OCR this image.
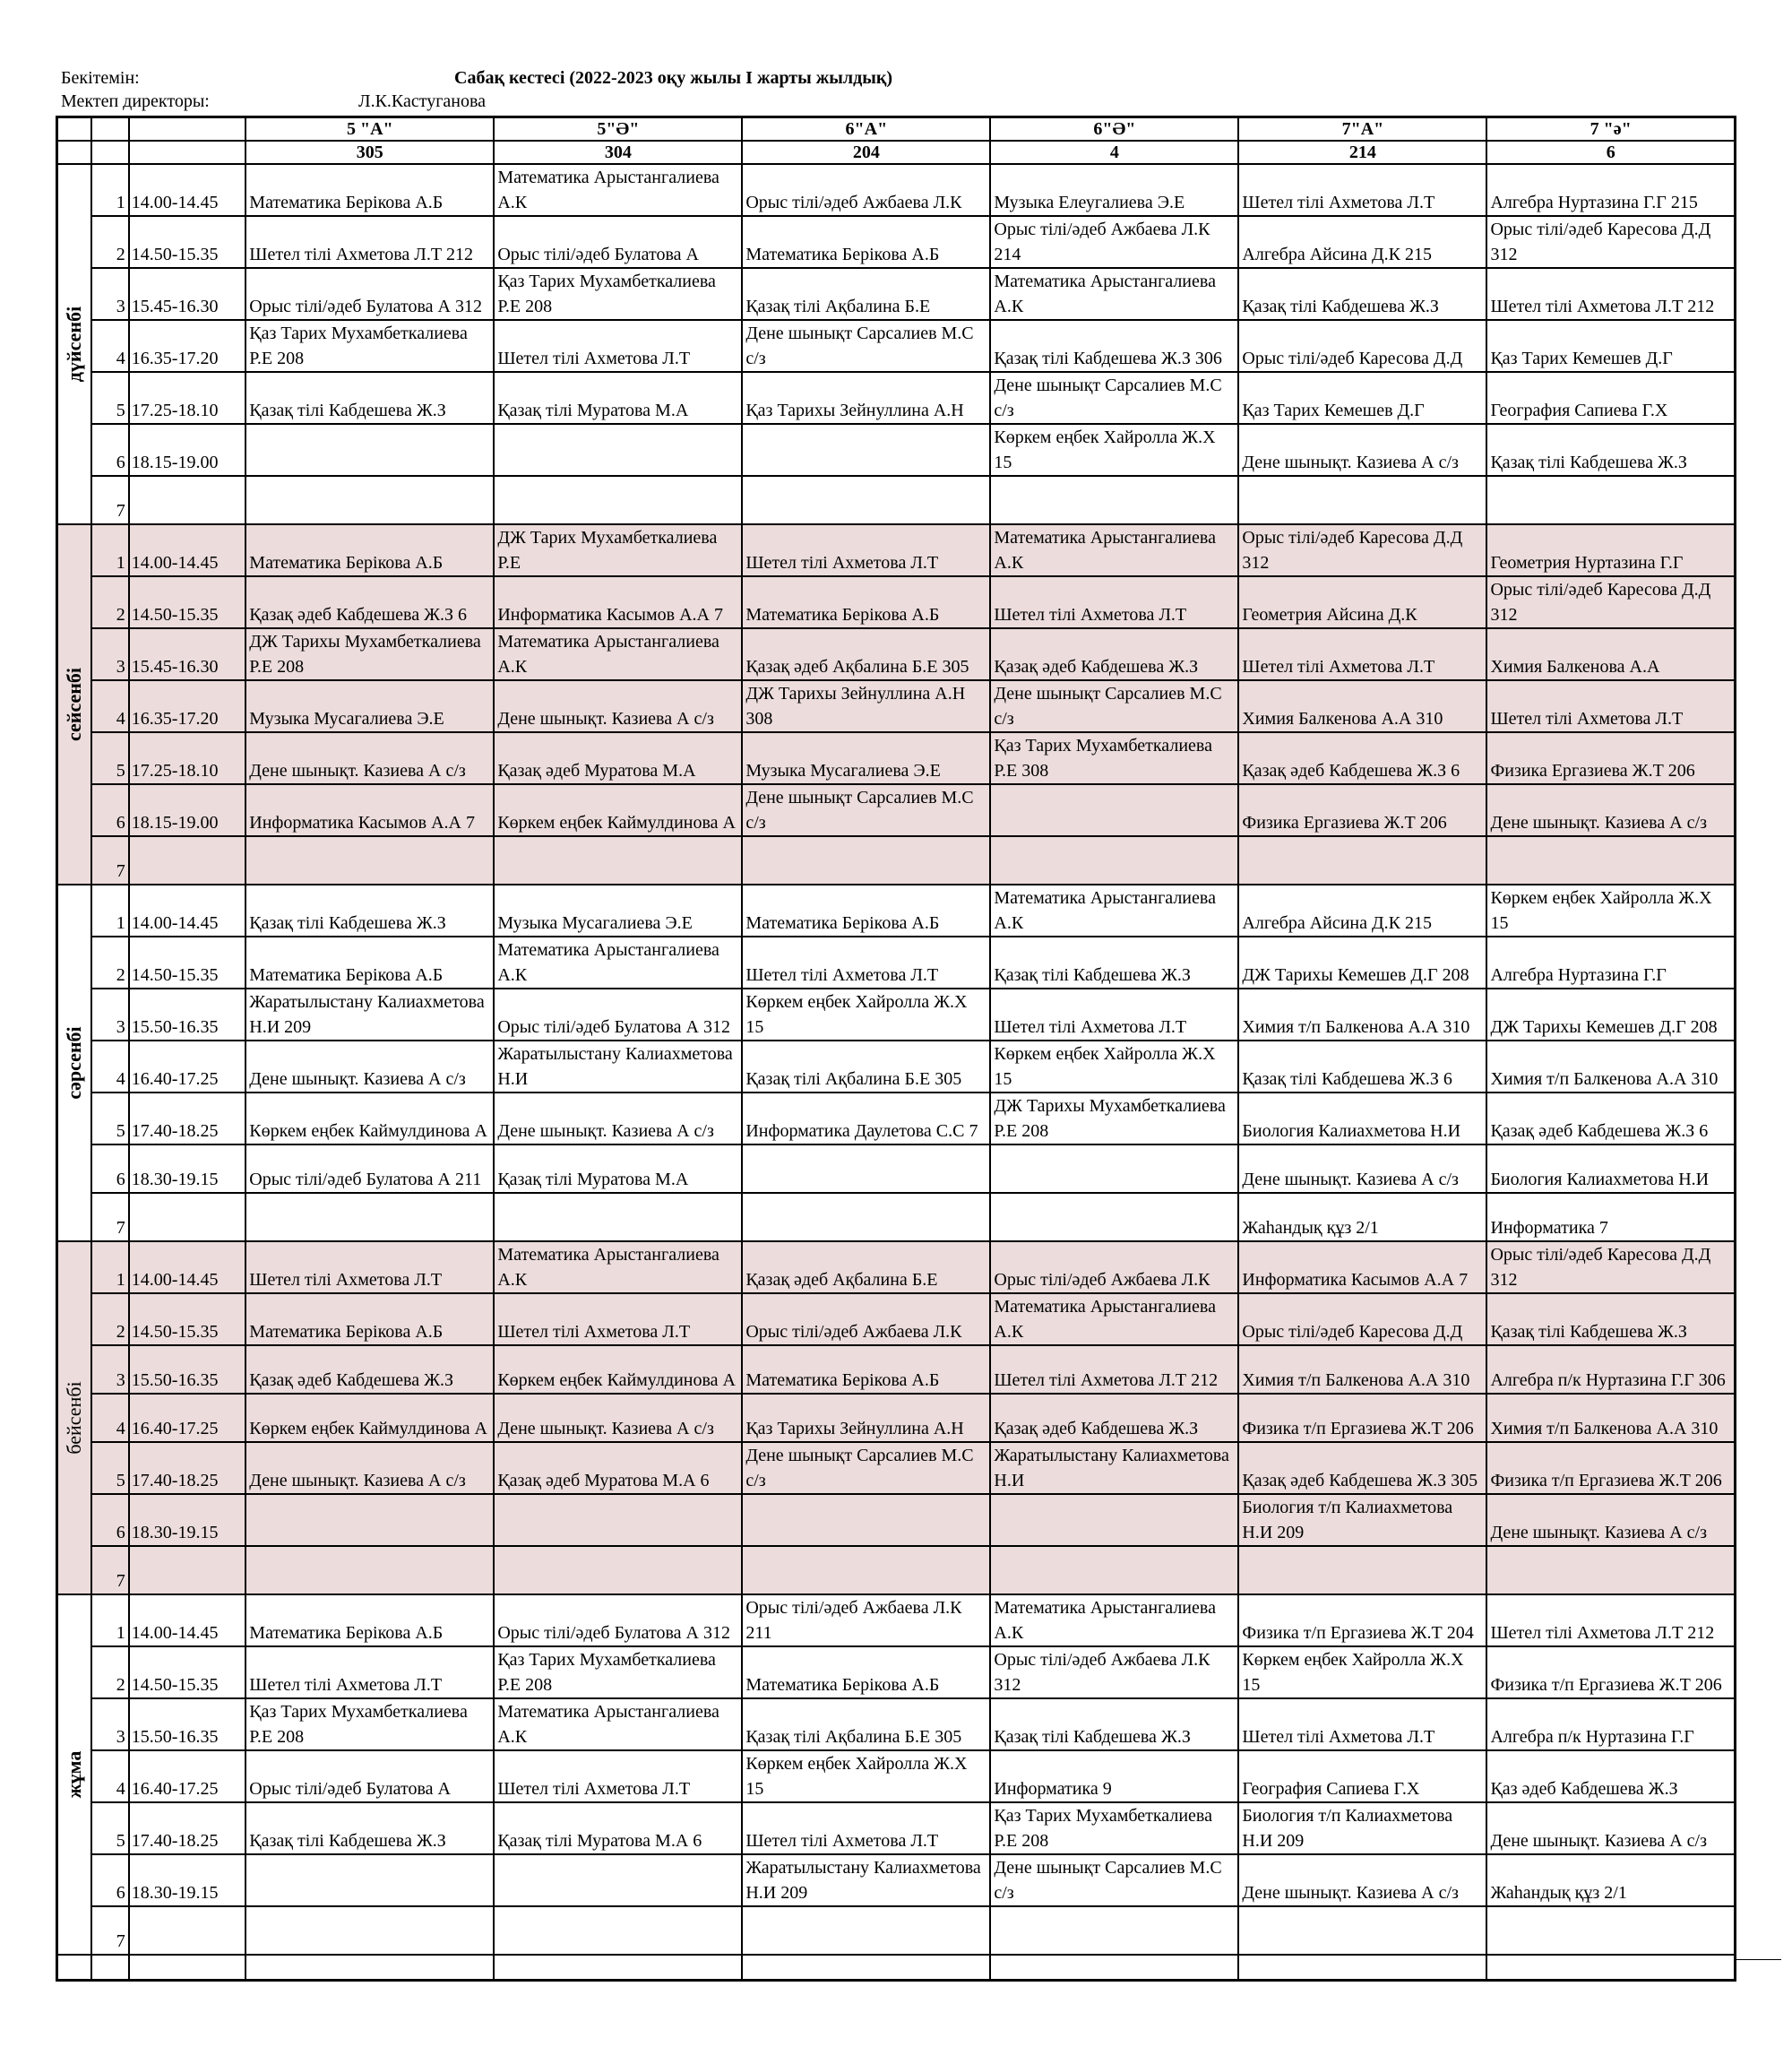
Бекітемін:
Мектеп директоры:	Л.К.Кастуганова
Сабақ кестесі (2022-2023 оқу жылы І жарты жылдық)
			5 "А"	5"Ә"	6"А"	6"Ә"	7"А"	7 "ә"
			305	304	204	4	214	6

дүйсенбі	1	14.00-14.45	Математика Берікова А.Б	Математика Арыстангалиева А.К	Орыс тілі/әдеб Ажбаева Л.К	Музыка Елеугалиева Э.Е	Шетел тілі Ахметова Л.Т	Алгебра Нуртазина Г.Г 215
	2	14.50-15.35	Шетел тілі Ахметова Л.Т 212	Орыс тілі/әдеб Булатова А	Математика Берікова А.Б	Орыс тілі/әдеб Ажбаева Л.К 214	Алгебра Айсина Д.К 215	Орыс тілі/әдеб Каресова Д.Д 312
	3	15.45-16.30	Орыс тілі/әдеб Булатова А 312	Қаз Тарих Мухамбеткалиева Р.Е 208	Қазақ тілі Ақбалина Б.Е	Математика Арыстангалиева А.К	Қазақ тілі Кабдешева Ж.З	Шетел тілі Ахметова Л.Т 212
	4	16.35-17.20	Қаз Тарих Мухамбеткалиева Р.Е 208	Шетел тілі Ахметова Л.Т	Дене шынықт Сарсалиев М.С с/з	Қазақ тілі Кабдешева Ж.З 306	Орыс тілі/әдеб Каресова Д.Д	Қаз Тарих Кемешев Д.Г
	5	17.25-18.10	Қазақ тілі Кабдешева Ж.З	Қазақ тілі Муратова М.А	Қаз Тарихы Зейнуллина А.Н	Дене шынықт Сарсалиев М.С с/з	Қаз Тарих Кемешев Д.Г	География Сапиева Г.Х
	6	18.15-19.00				Көркем еңбек Хайролла Ж.Х 15	Дене шынықт. Казиева А с/з	Қазақ тілі Кабдешева Ж.З
	7							

сейсенбі	1	14.00-14.45	Математика Берікова А.Б	ДЖ Тарих Мухамбеткалиева Р.Е	Шетел тілі Ахметова Л.Т	Математика Арыстангалиева А.К	Орыс тілі/әдеб Каресова Д.Д 312	Геометрия Нуртазина Г.Г
	2	14.50-15.35	Қазақ әдеб Кабдешева Ж.З 6	Информатика Касымов А.А 7	Математика Берікова А.Б	Шетел тілі Ахметова Л.Т	Геометрия Айсина Д.К	Орыс тілі/әдеб Каресова Д.Д 312
	3	15.45-16.30	ДЖ Тарихы Мухамбеткалиева Р.Е 208	Математика Арыстангалиева А.К	Қазақ әдеб Ақбалина Б.Е 305	Қазақ әдеб Кабдешева Ж.З	Шетел тілі Ахметова Л.Т	Химия Балкенова А.А
	4	16.35-17.20	Музыка Мусагалиева Э.Е	Дене шынықт. Казиева А с/з	ДЖ Тарихы Зейнуллина А.Н 308	Дене шынықт Сарсалиев М.С с/з	Химия Балкенова А.А 310	Шетел тілі Ахметова Л.Т
	5	17.25-18.10	Дене шынықт. Казиева А с/з	Қазақ әдеб Муратова М.А	Музыка Мусагалиева Э.Е	Қаз Тарих Мухамбеткалиева Р.Е 308	Қазақ әдеб Кабдешева Ж.З 6	Физика Ергазиева Ж.Т 206
	6	18.15-19.00	Информатика Касымов А.А 7	Көркем еңбек Каймулдинова А	Дене шынықт Сарсалиев М.С с/з		Физика Ергазиева Ж.Т 206	Дене шынықт. Казиева А с/з
	7							

сәрсенбі	1	14.00-14.45	Қазақ тілі Кабдешева Ж.З	Музыка Мусагалиева Э.Е	Математика Берікова А.Б	Математика Арыстангалиева А.К	Алгебра Айсина Д.К 215	Көркем еңбек Хайролла Ж.Х 15
	2	14.50-15.35	Математика Берікова А.Б	Математика Арыстангалиева А.К	Шетел тілі Ахметова Л.Т	Қазақ тілі Кабдешева Ж.З	ДЖ Тарихы Кемешев Д.Г 208	Алгебра Нуртазина Г.Г
	3	15.50-16.35	Жаратылыстану Калиахметова Н.И 209	Орыс тілі/әдеб Булатова А 312	Көркем еңбек Хайролла Ж.Х 15	Шетел тілі Ахметова Л.Т	Химия т/п Балкенова А.А 310	ДЖ Тарихы Кемешев Д.Г 208
	4	16.40-17.25	Дене шынықт. Казиева А с/з	Жаратылыстану Калиахметова Н.И	Қазақ тілі Ақбалина Б.Е 305	Көркем еңбек Хайролла Ж.Х 15	Қазақ тілі Кабдешева Ж.З 6	Химия т/п Балкенова А.А 310
	5	17.40-18.25	Көркем еңбек Каймулдинова А	Дене шынықт. Казиева А с/з	Информатика Даулетова С.С 7	ДЖ Тарихы Мухамбеткалиева Р.Е 208	Биология Калиахметова Н.И	Қазақ әдеб Кабдешева Ж.З 6
	6	18.30-19.15	Орыс тілі/әдеб Булатова А 211	Қазақ тілі Муратова М.А			Дене шынықт. Казиева А с/з	Биология Калиахметова Н.И
	7						Жаһандық құз 2/1	Информатика 7

бейсенбі	1	14.00-14.45	Шетел тілі Ахметова Л.Т	Математика Арыстангалиева А.К	Қазақ әдеб Ақбалина Б.Е	Орыс тілі/әдеб Ажбаева Л.К	Информатика Касымов А.А 7	Орыс тілі/әдеб Каресова Д.Д 312
	2	14.50-15.35	Математика Берікова А.Б	Шетел тілі Ахметова Л.Т	Орыс тілі/әдеб Ажбаева Л.К	Математика Арыстангалиева А.К	Орыс тілі/әдеб Каресова Д.Д	Қазақ тілі Кабдешева Ж.З
	3	15.50-16.35	Қазақ әдеб Кабдешева Ж.З	Көркем еңбек Каймулдинова А	Математика Берікова А.Б	Шетел тілі Ахметова Л.Т 212	Химия т/п Балкенова А.А 310	Алгебра п/к Нуртазина Г.Г 306
	4	16.40-17.25	Көркем еңбек Каймулдинова А	Дене шынықт. Казиева А с/з	Қаз Тарихы Зейнуллина А.Н	Қазақ әдеб Кабдешева Ж.З	Физика т/п Ергазиева Ж.Т 206	Химия т/п Балкенова А.А 310
	5	17.40-18.25	Дене шынықт. Казиева А с/з	Қазақ әдеб Муратова М.А 6	Дене шынықт Сарсалиев М.С с/з	Жаратылыстану Калиахметова Н.И	Қазақ әдеб Кабдешева Ж.З 305	Физика т/п Ергазиева Ж.Т 206
	6	18.30-19.15					Биология т/п Калиахметова Н.И 209	Дене шынықт. Казиева А с/з
	7							

жұма	1	14.00-14.45	Математика Берікова А.Б	Орыс тілі/әдеб Булатова А 312	Орыс тілі/әдеб Ажбаева Л.К 211	Математика Арыстангалиева А.К	Физика т/п Ергазиева Ж.Т 204	Шетел тілі Ахметова Л.Т 212
	2	14.50-15.35	Шетел тілі Ахметова Л.Т	Қаз Тарих Мухамбеткалиева Р.Е 208	Математика Берікова А.Б	Орыс тілі/әдеб Ажбаева Л.К 312	Көркем еңбек Хайролла Ж.Х 15	Физика т/п Ергазиева Ж.Т 206
	3	15.50-16.35	Қаз Тарих Мухамбеткалиева Р.Е 208	Математика Арыстангалиева А.К	Қазақ тілі Ақбалина Б.Е 305	Қазақ тілі Кабдешева Ж.З	Шетел тілі Ахметова Л.Т	Алгебра п/к Нуртазина Г.Г
	4	16.40-17.25	Орыс тілі/әдеб Булатова А	Шетел тілі Ахметова Л.Т	Көркем еңбек Хайролла Ж.Х 15	Информатика 9	География Сапиева Г.Х	Қаз әдеб Кабдешева Ж.З
	5	17.40-18.25	Қазақ тілі Кабдешева Ж.З	Қазақ тілі Муратова М.А 6	Шетел тілі Ахметова Л.Т	Қаз Тарих Мухамбеткалиева Р.Е 208	Биология т/п Калиахметова Н.И 209	Дене шынықт. Казиева А с/з
	6	18.30-19.15			Жаратылыстану Калиахметова Н.И 209	Дене шынықт Сарсалиев М.С с/з	Дене шынықт. Казиева А с/з	Жаһандық құз 2/1
	7							
